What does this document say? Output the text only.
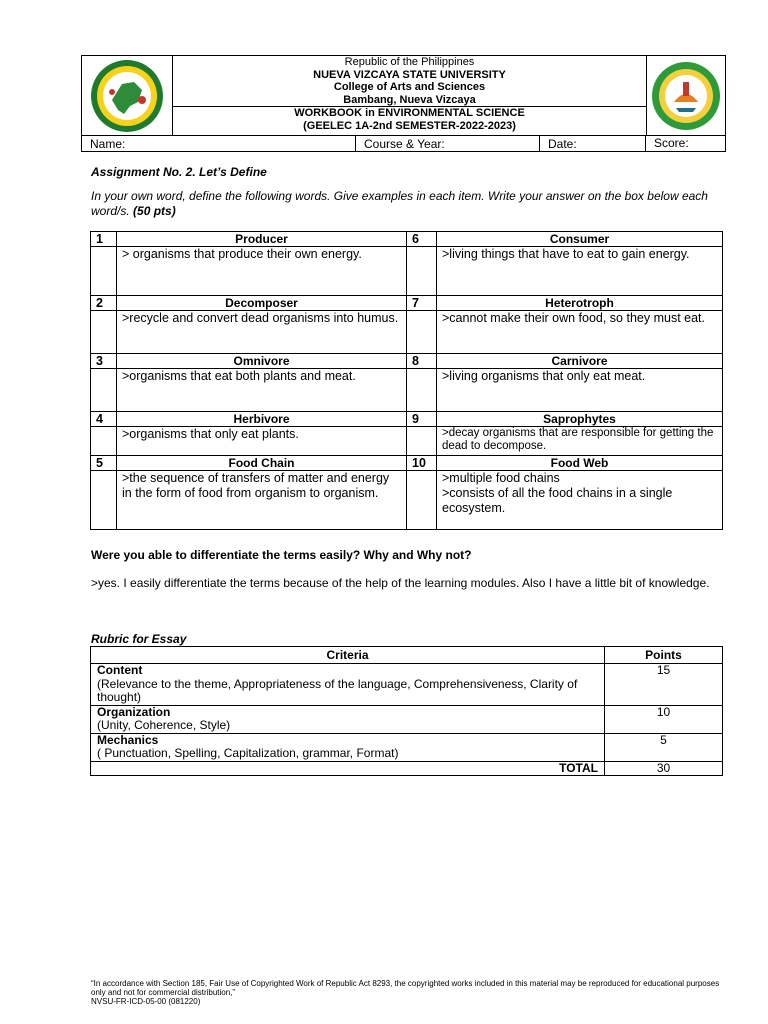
Republic of the Philippines
NUEVA VIZCAYA STATE UNIVERSITY
College of Arts and Sciences
Bambang, Nueva Vizcaya
WORKBOOK in ENVIRONMENTAL SCIENCE
(GEELEC 1A-2nd SEMESTER-2022-2023)
Name:	Course & Year:	Date:	Score:
Assignment No. 2. Let’s Define
In your own word, define the following words. Give examples in each item. Write your answer on the box below each word/s. (50 pts)
1	Producer	6	Consumer
	> organisms that produce their own energy.		>living things that have to eat to gain energy.
2	Decomposer	7	Heterotroph
	>recycle and convert dead organisms into humus.		>cannot make their own food, so they must eat.
3	Omnivore	8	Carnivore
	>organisms that eat both plants and meat.		>living organisms that only eat meat.
4	Herbivore	9	Saprophytes
	>organisms that only eat plants.		>decay organisms that are responsible for getting the dead to decompose.
5	Food Chain	10	Food Web
	>the sequence of transfers of matter and energy in the form of food from organism to organism.		>multiple food chains
>consists of all the food chains in a single ecosystem.
Were you able to differentiate the terms easily? Why and Why not?
>yes. I easily differentiate the terms because of the help of the learning modules. Also I have a little bit of knowledge.
Rubric for Essay
Criteria	Points
Content
(Relevance to the theme, Appropriateness of the language, Comprehensiveness, Clarity of thought)	15
Organization
(Unity, Coherence, Style)	10
Mechanics
( Punctuation, Spelling, Capitalization, grammar, Format)	5
TOTAL	30
“In accordance with Section 185, Fair Use of Copyrighted Work of Republic Act 8293, the copyrighted works included in this material may be reproduced for educational purposes only and not for commercial distribution,”
NVSU-FR-ICD-05-00 (081220)
